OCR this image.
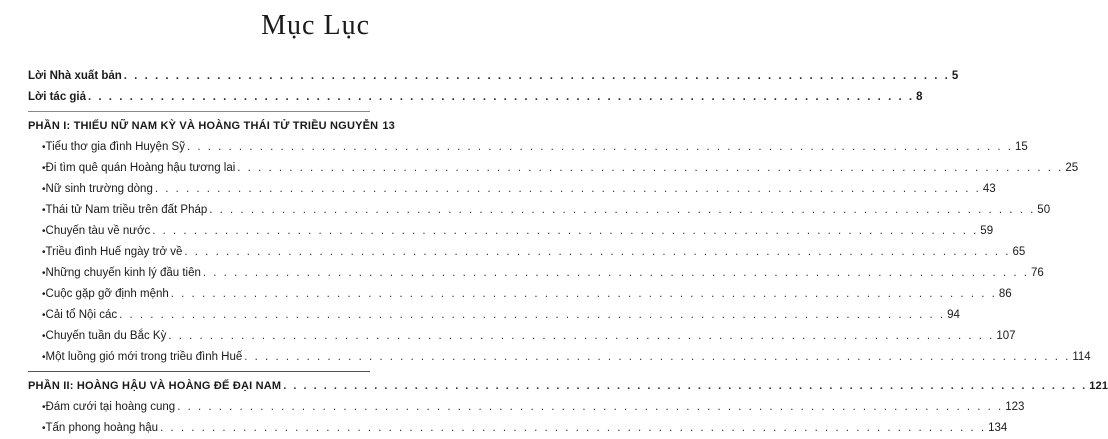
Mục Lục
Lời Nhà xuất bản . . .	5
Lời tác giả . . .	8
PHẦN I: THIẾU NỮ NAM KỲ VÀ HOÀNG THÁI TỬ TRIỀU NGUYỄN 13
• Tiểu thơ gia đình Huyện Sỹ . . .	15
• Đi tìm quê quán Hoàng hậu tương lai . . .	25
• Nữ sinh trường dòng . . .	43
• Thái tử Nam triều trên đất Pháp . . .	50
• Chuyến tàu về nước . . .	59
• Triều đình Huế ngày trở về . . .	65
• Những chuyến kinh lý đầu tiên . . .	76
• Cuộc gặp gỡ định mệnh . . .	86
• Cải tổ Nội các . . .	94
• Chuyến tuần du Bắc Kỳ . . .	107
• Một luồng gió mới trong triều đình Huế . . .	114
PHẦN II: HOÀNG HẬU VÀ HOÀNG ĐẾ ĐẠI NAM . . .	121
• Đám cưới tại hoàng cung . . .	123
• Tấn phong hoàng hậu . . .	134
